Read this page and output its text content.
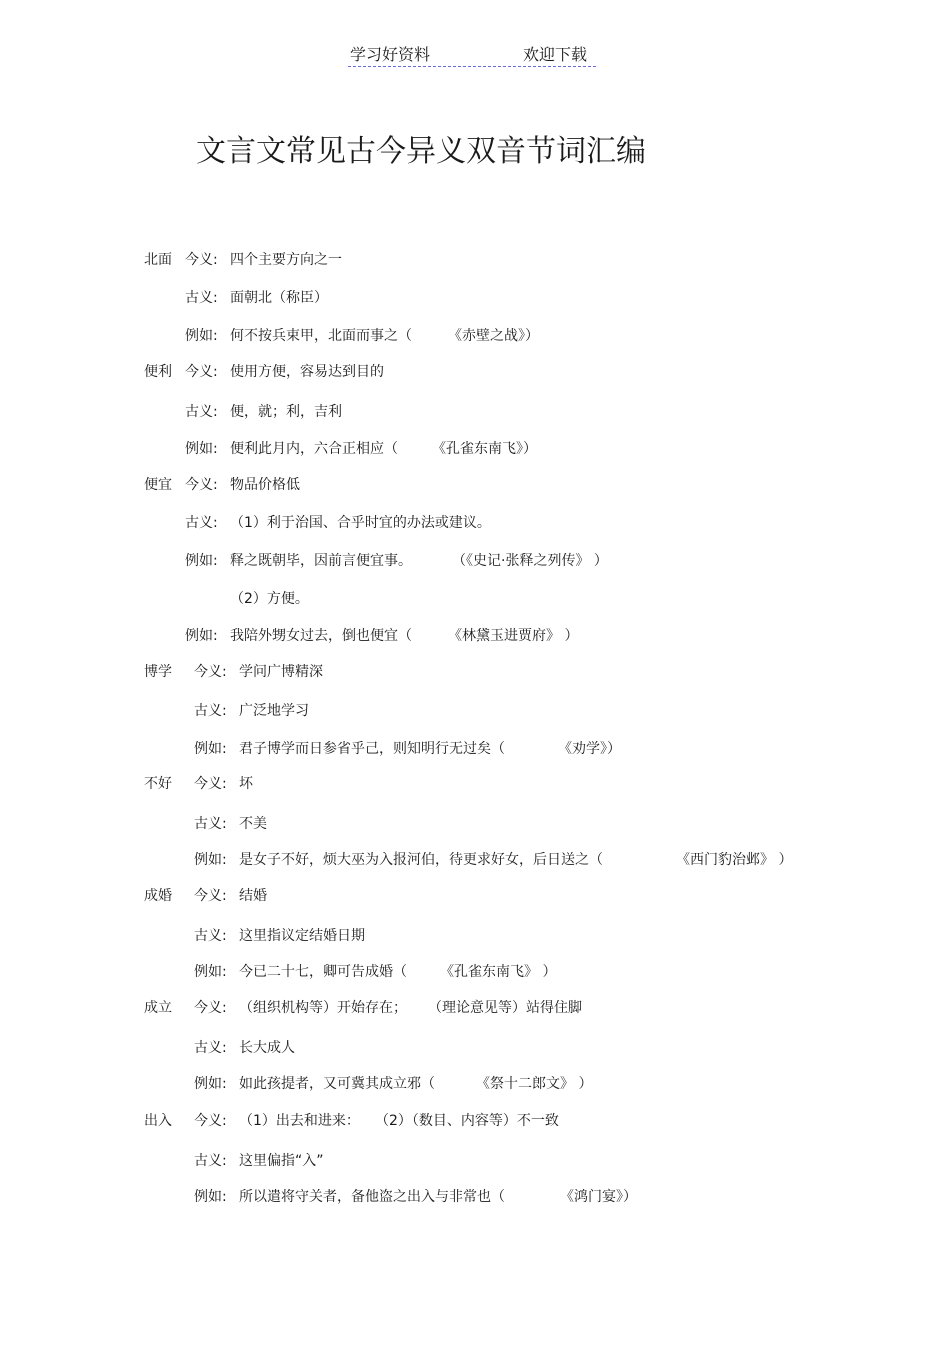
学习好资料	欢迎下载
文言文常见古今异义双音节词汇编
北面 今义: 四个主要方向之一
古义: 面朝北（称臣）
例如: 何不按兵束甲，北面而事之（	《赤壁之战》）
便利 今义: 使用方便，容易达到目的
古义: 便，就；利，吉利
例如: 便利此月内，六合正相应（ 《孔雀东南飞》）
便宜 今义: 物品价格低
古义: （1）利于治国、合乎时宜的办法或建议。
例如: 释之既朝毕，因前言便宜事。	（《史记·张释之列传》 ）
（2）方便。
例如: 我陪外甥女过去，倒也便宜（	《林黛玉进贾府》 ）
博学 今义: 学问广博精深
古义: 广泛地学习
例如: 君子博学而日参省乎己，则知明行无过矣（	《劝学》）
不好 今义: 坏
古义: 不美
例如: 是女子不好，烦大巫为入报河伯，待更求好女，后日送之（	《西门豹治邺》 ）
成婚 今义: 结婚
古义: 这里指议定结婚日期
例如: 今已二十七，卿可告成婚（ 《孔雀东南飞》 ）
成立 今义: （组织机构等）开始存在； （理论意见等）站得住脚
古义: 长大成人
例如: 如此孩提者，又可冀其成立邪（	《祭十二郎文》 ）
出入 今义: （1）出去和进来： （2）（数目、内容等）不一致
古义: 这里偏指“入”
例如: 所以遣将守关者，备他盗之出入与非常也（	《鸿门宴》）
